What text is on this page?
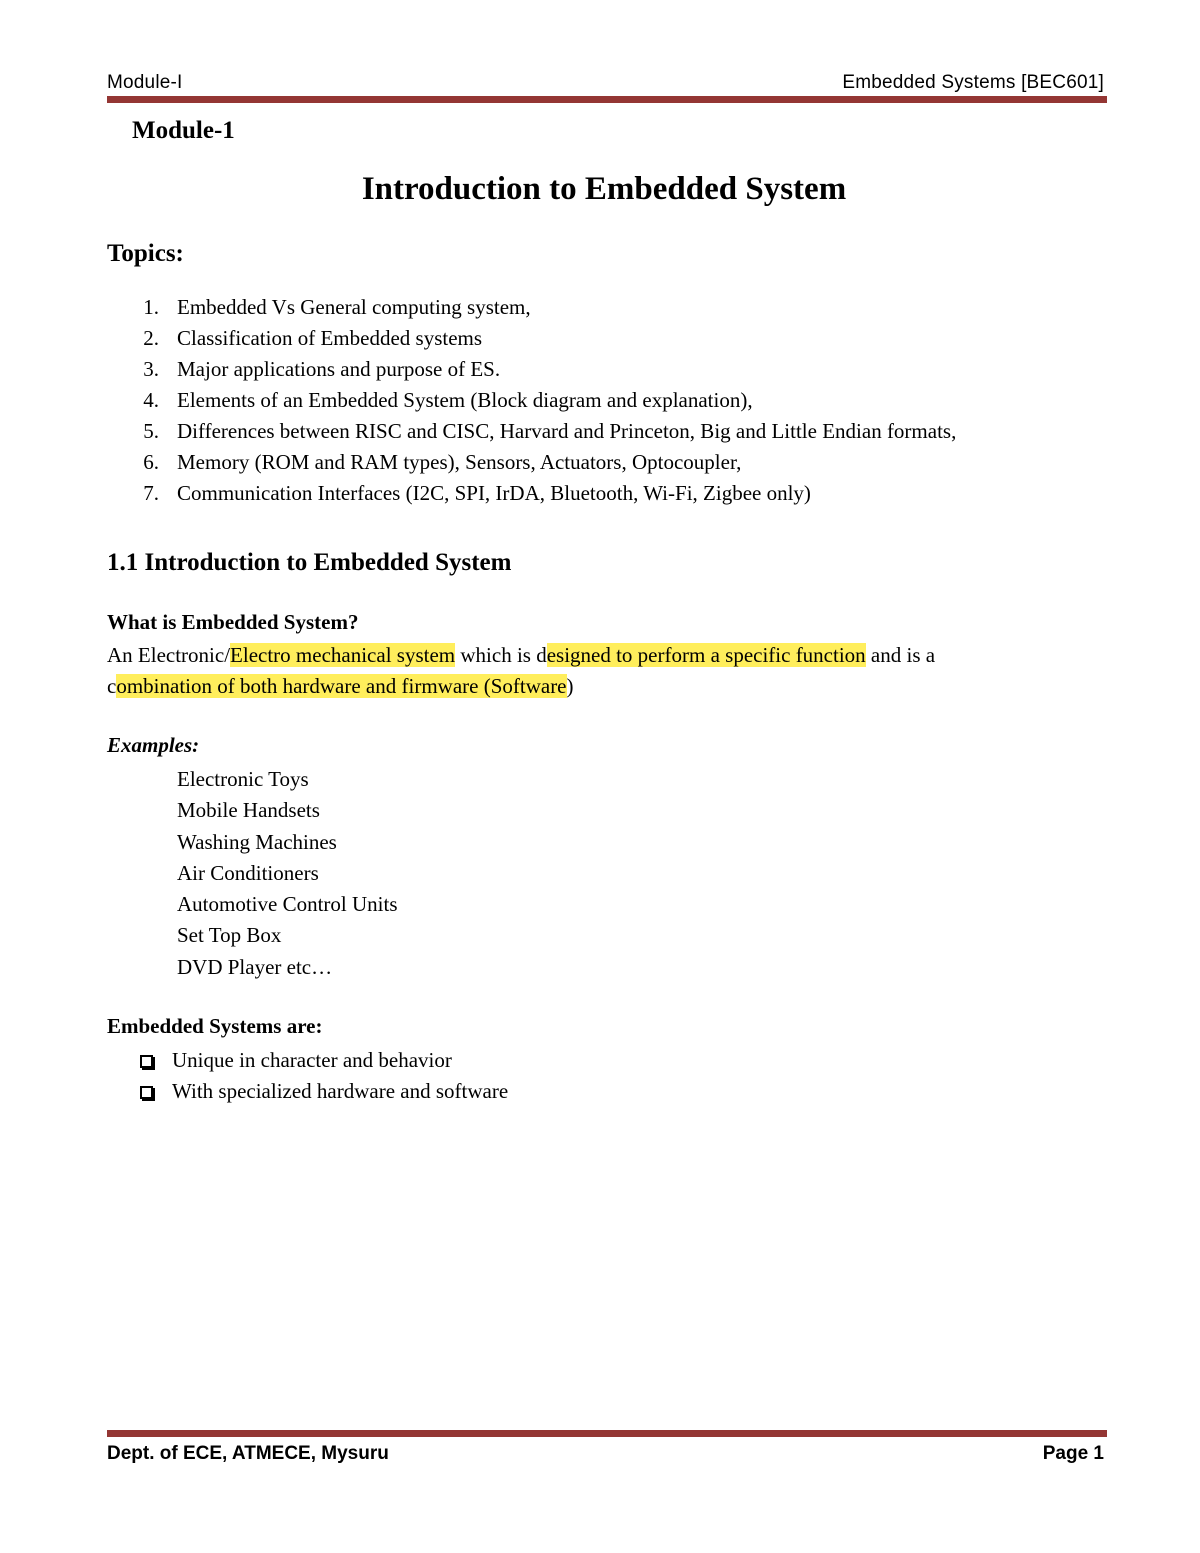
Module-I	Embedded Systems [BEC601]
Module-1
Introduction to Embedded System
Topics:
1. Embedded Vs General computing system,
2. Classification of Embedded systems
3. Major applications and purpose of ES.
4. Elements of an Embedded System (Block diagram and explanation),
5. Differences between RISC and CISC, Harvard and Princeton, Big and Little Endian formats,
6. Memory (ROM and RAM types), Sensors, Actuators, Optocoupler,
7. Communication Interfaces (I2C, SPI, IrDA, Bluetooth, Wi-Fi, Zigbee only)
1.1 Introduction to Embedded System
What is Embedded System?
An Electronic/Electro mechanical system which is designed to perform a specific function and is a
combination of both hardware and firmware (Software)
Examples:
Electronic Toys
Mobile Handsets
Washing Machines
Air Conditioners
Automotive Control Units
Set Top Box
DVD Player etc…
Embedded Systems are:
Unique in character and behavior
With specialized hardware and software
Dept. of ECE, ATMECE, Mysuru	Page 1
